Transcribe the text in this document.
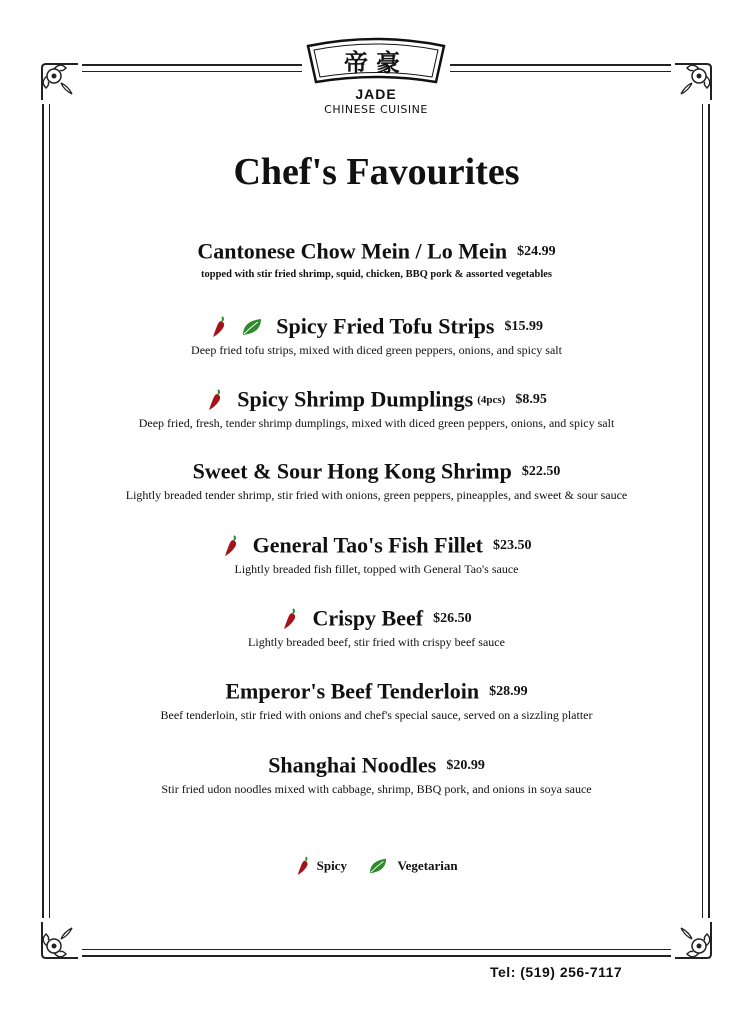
帝豪
JADE
CHINESE CUISINE
Chef's Favourites
Cantonese Chow Mein / Lo Mein $24.99
topped with stir fried shrimp, squid, chicken, BBQ pork & assorted vegetables
Spicy Fried Tofu Strips $15.99
Deep fried tofu strips, mixed with diced green peppers, onions, and spicy salt
Spicy Shrimp Dumplings (4pcs) $8.95
Deep fried, fresh, tender shrimp dumplings, mixed with diced green peppers, onions, and spicy salt
Sweet & Sour Hong Kong Shrimp $22.50
Lightly breaded tender shrimp, stir fried with onions, green peppers, pineapples, and sweet & sour sauce
General Tao's Fish Fillet $23.50
Lightly breaded fish fillet, topped with General Tao's sauce
Crispy Beef $26.50
Lightly breaded beef, stir fried with crispy beef sauce
Emperor's Beef Tenderloin $28.99
Beef tenderloin, stir fried with onions and chef's special sauce, served on a sizzling platter
Shanghai Noodles $20.99
Stir fried udon noodles mixed with cabbage, shrimp, BBQ pork, and onions in soya sauce
Spicy	Vegetarian
Tel: (519) 256-7117
